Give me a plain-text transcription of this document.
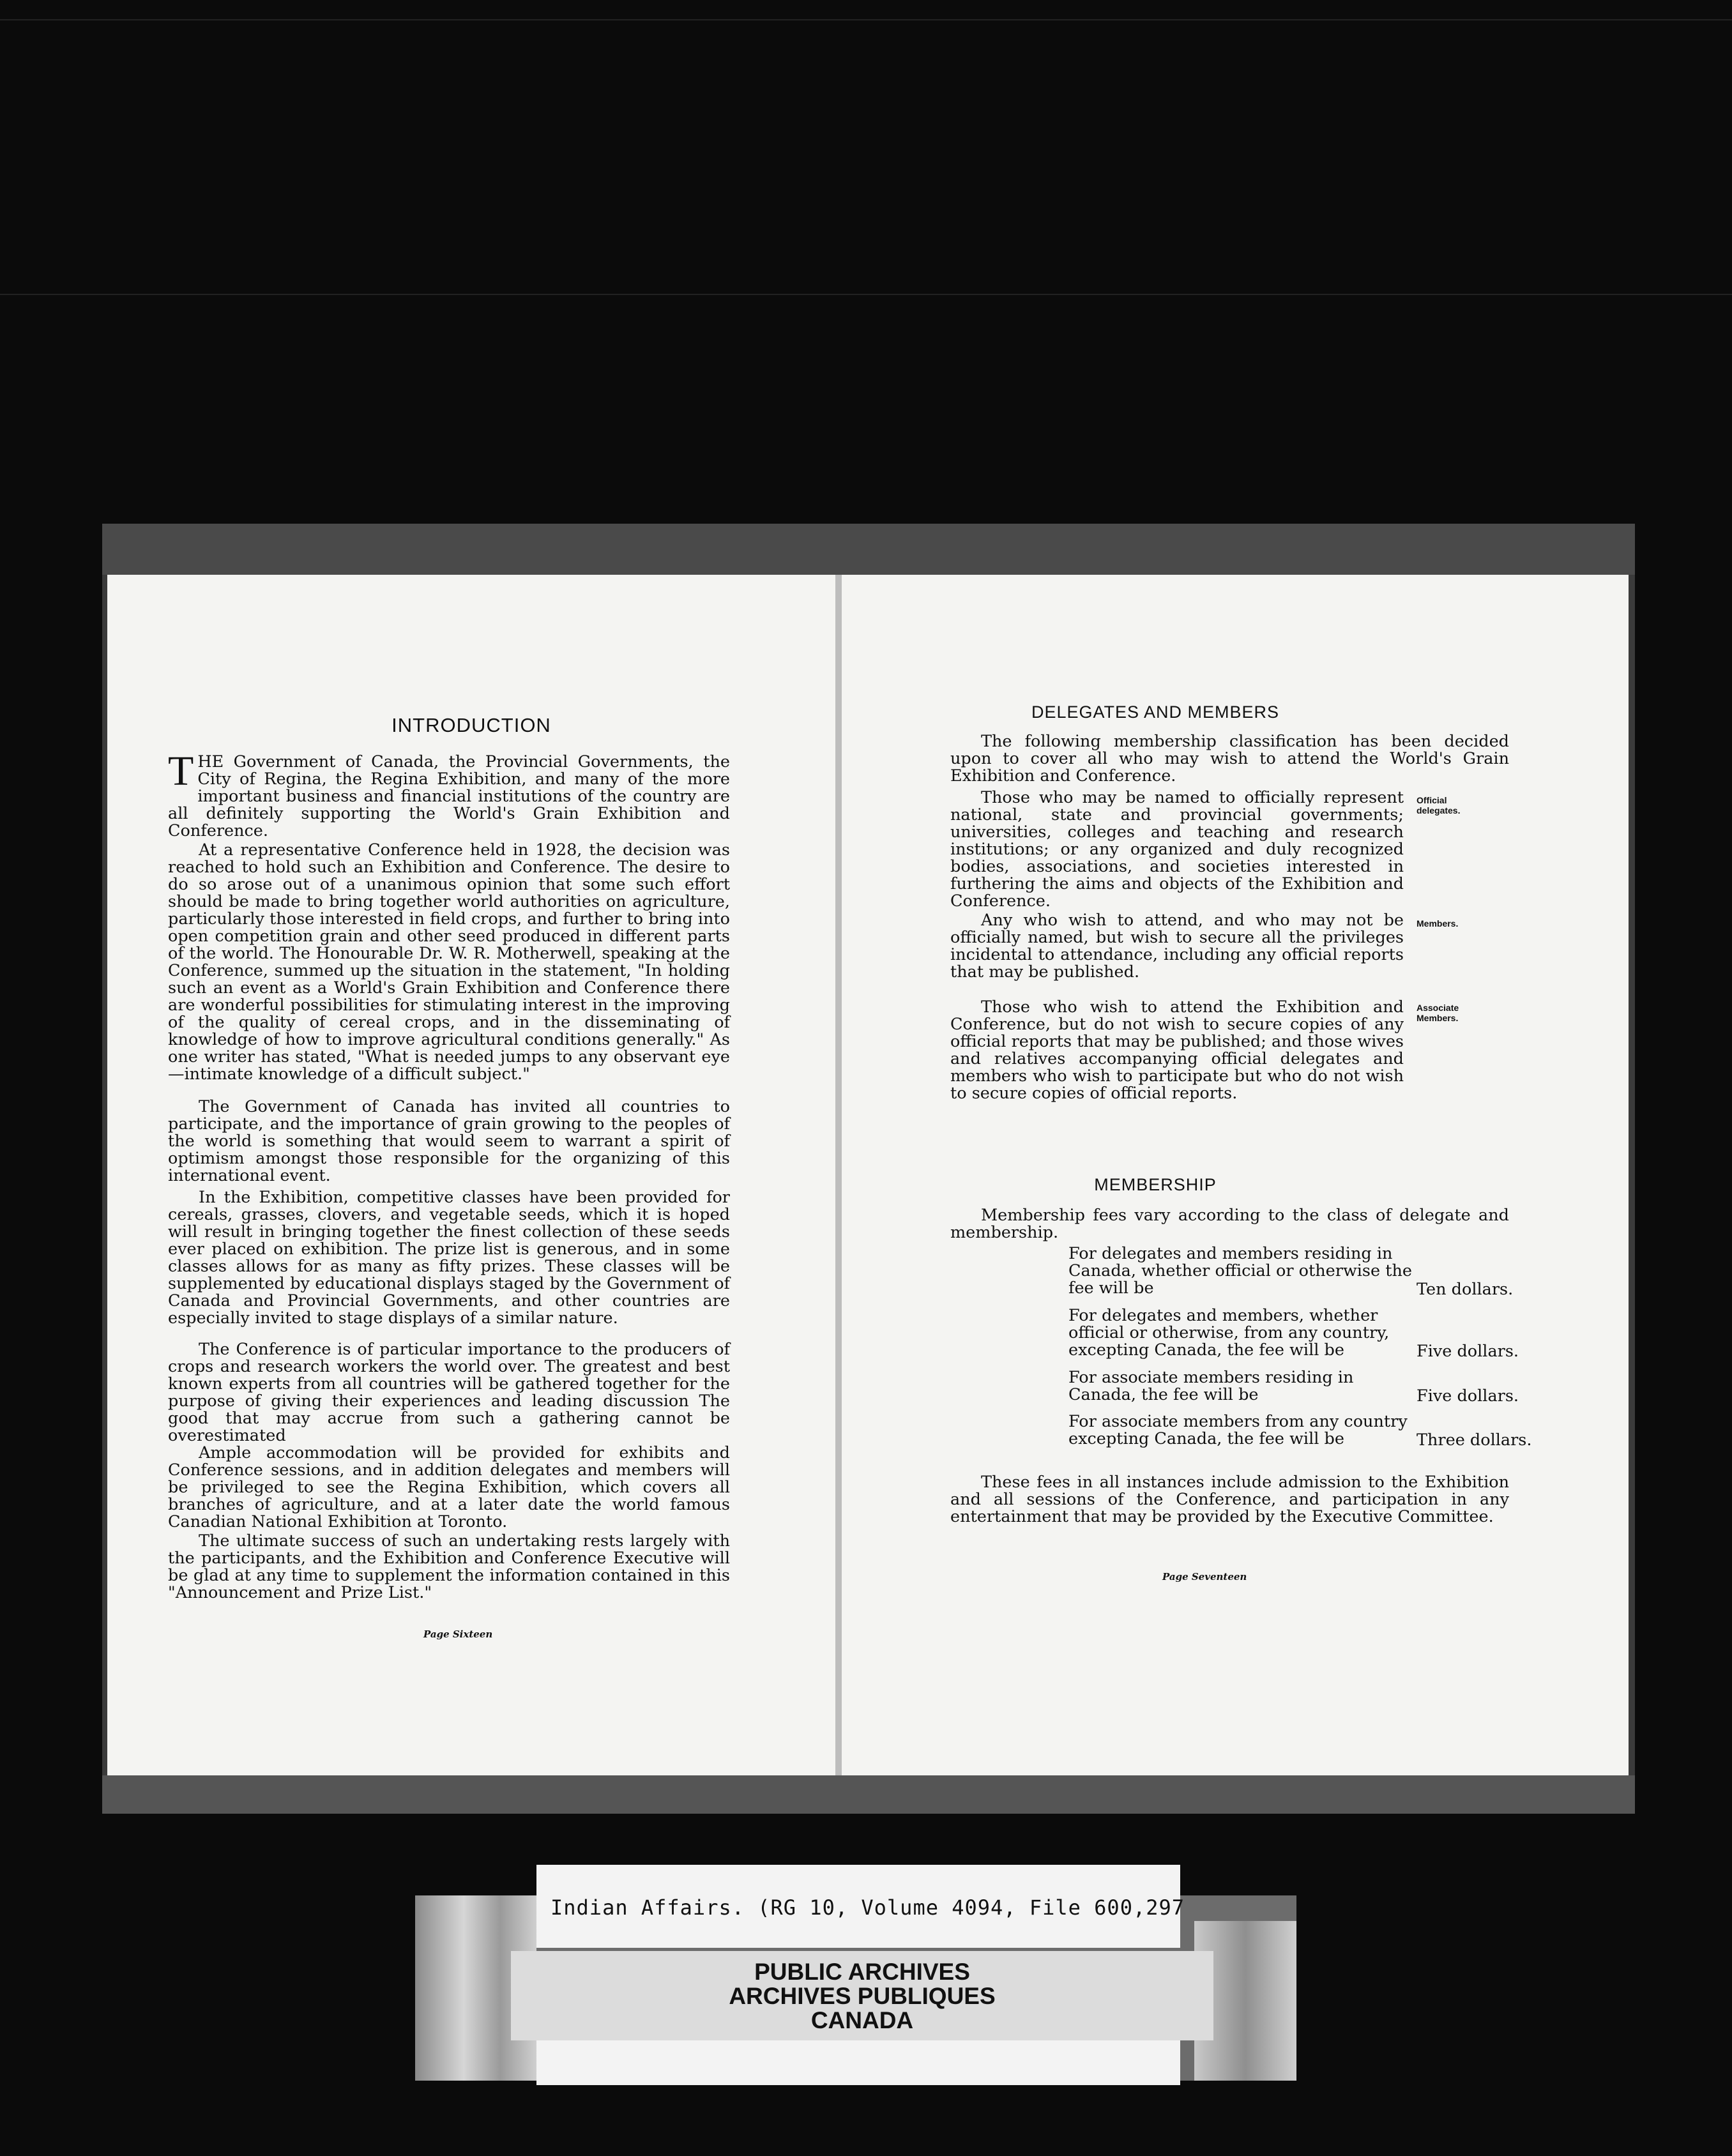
INTRODUCTION

THE Government of Canada, the Provincial Governments, the City of Regina, the Regina Exhibition, and many of the more important business and financial institutions of the country are all definitely supporting the World's Grain Exhibition and Conference.

At a representative Conference held in 1928, the decision was reached to hold such an Exhibition and Conference. The desire to do so arose out of a unanimous opinion that some such effort should be made to bring together world authorities on agriculture, particularly those interested in field crops, and further to bring into open competition grain and other seed produced in different parts of the world. The Honourable Dr. W. R. Motherwell, speaking at the Conference, summed up the situation in the statement, "In holding such an event as a World's Grain Exhibition and Conference there are wonderful possibilities for stimulating interest in the improving of the quality of cereal crops, and in the disseminating of knowledge of how to improve agricultural conditions generally." As one writer has stated, "What is needed jumps to any observant eye—intimate knowledge of a difficult subject."

The Government of Canada has invited all countries to participate, and the importance of grain growing to the peoples of the world is something that would seem to warrant a spirit of optimism amongst those responsible for the organizing of this international event.

In the Exhibition, competitive classes have been provided for cereals, grasses, clovers, and vegetable seeds, which it is hoped will result in bringing together the finest collection of these seeds ever placed on exhibition. The prize list is generous, and in some classes allows for as many as fifty prizes. These classes will be supplemented by educational displays staged by the Government of Canada and Provincial Governments, and other countries are especially invited to stage displays of a similar nature.

The Conference is of particular importance to the producers of crops and research workers the world over. The greatest and best known experts from all countries will be gathered together for the purpose of giving their experiences and leading discussion The good that may accrue from such a gathering cannot be overestimated

Ample accommodation will be provided for exhibits and Conference sessions, and in addition delegates and members will be privileged to see the Regina Exhibition, which covers all branches of agriculture, and at a later date the world famous Canadian National Exhibition at Toronto.

The ultimate success of such an undertaking rests largely with the participants, and the Exhibition and Conference Executive will be glad at any time to supplement the information contained in this "Announcement and Prize List."

Page Sixteen
DELEGATES AND MEMBERS

The following membership classification has been decided upon to cover all who may wish to attend the World's Grain Exhibition and Conference.

Those who may be named to officially represent national, state and provincial governments; universities, colleges and teaching and research institutions; or any organized and duly recognized bodies, associations, and societies interested in furthering the aims and objects of the Exhibition and Conference.

Official delegates.

Any who wish to attend, and who may not be officially named, but wish to secure all the privileges incidental to attendance, including any official reports that may be published.

Members.

Those who wish to attend the Exhibition and Conference, but do not wish to secure copies of any official reports that may be published; and those wives and relatives accompanying official delegates and members who wish to participate but who do not wish to secure copies of official reports.

Associate Members.
MEMBERSHIP

Membership fees vary according to the class of delegate and membership.

For delegates and members residing in Canada, whether official or otherwise the fee will be	Ten dollars.
For delegates and members, whether official or otherwise, from any country, excepting Canada, the fee will be	Five dollars.
For associate members residing in Canada, the fee will be	Five dollars.
For associate members from any country excepting Canada, the fee will be	Three dollars.

These fees in all instances include admission to the Exhibition and all sessions of the Conference, and participation in any entertainment that may be provided by the Executive Committee.

Page Seventeen
Indian Affairs. (RG 10, Volume 4094, File 600,297
PUBLIC ARCHIVES
ARCHIVES PUBLIQUES
CANADA
